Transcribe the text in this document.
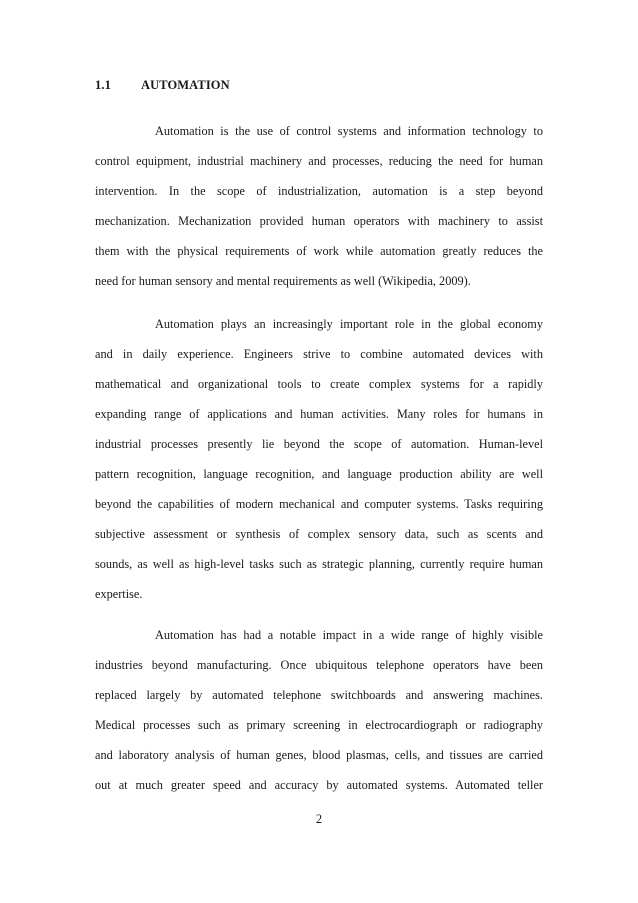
1.1 AUTOMATION
Automation is the use of control systems and information technology to
control equipment, industrial machinery and processes, reducing the need for human
intervention. In the scope of industrialization, automation is a step beyond
mechanization. Mechanization provided human operators with machinery to assist
them with the physical requirements of work while automation greatly reduces the
need for human sensory and mental requirements as well (Wikipedia, 2009).
Automation plays an increasingly important role in the global economy
and in daily experience. Engineers strive to combine automated devices with
mathematical and organizational tools to create complex systems for a rapidly
expanding range of applications and human activities. Many roles for humans in
industrial processes presently lie beyond the scope of automation. Human-level
pattern recognition, language recognition, and language production ability are well
beyond the capabilities of modern mechanical and computer systems. Tasks requiring
subjective assessment or synthesis of complex sensory data, such as scents and
sounds, as well as high-level tasks such as strategic planning, currently require human
expertise.
Automation has had a notable impact in a wide range of highly visible
industries beyond manufacturing. Once ubiquitous telephone operators have been
replaced largely by automated telephone switchboards and answering machines.
Medical processes such as primary screening in electrocardiograph or radiography
and laboratory analysis of human genes, blood plasmas, cells, and tissues are carried
out at much greater speed and accuracy by automated systems. Automated teller
2
